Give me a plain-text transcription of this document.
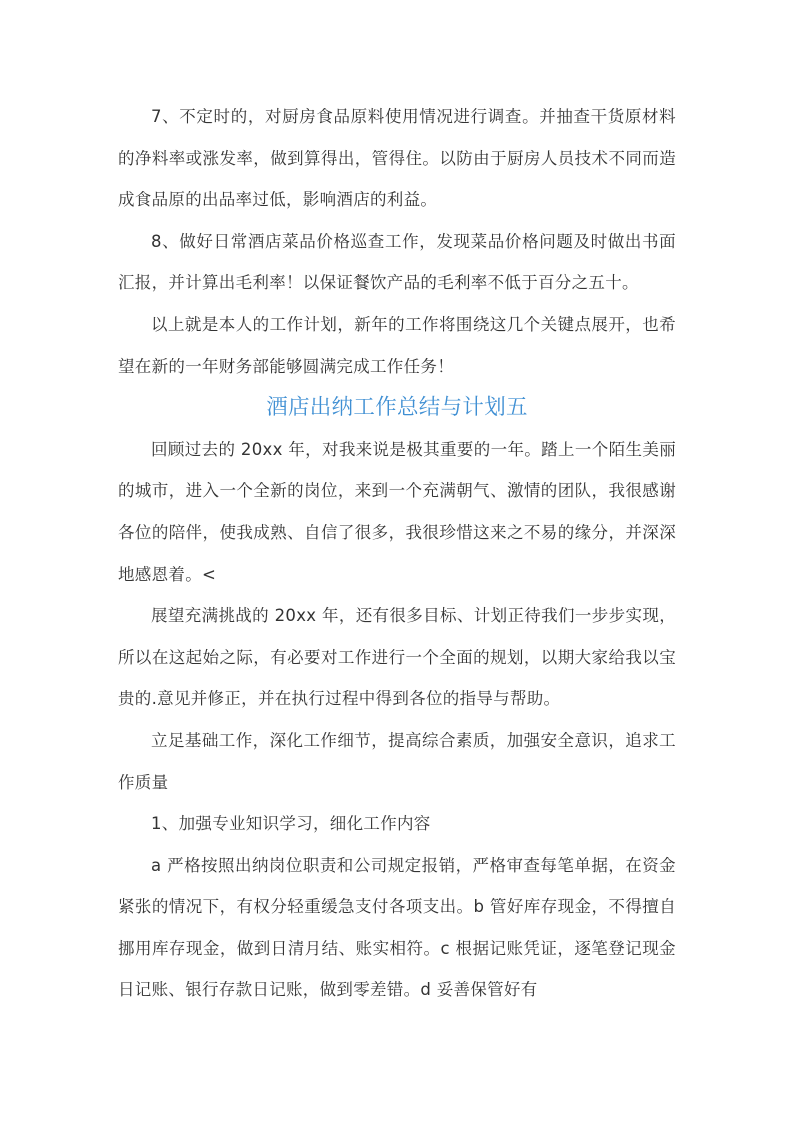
7、不定时的，对厨房食品原料使用情况进行调查。并抽查干货原材料的净料率或涨发率，做到算得出，管得住。以防由于厨房人员技术不同而造成食品原的出品率过低，影响酒店的利益。

8、做好日常酒店菜品价格巡查工作，发现菜品价格问题及时做出书面汇报，并计算出毛利率！以保证餐饮产品的毛利率不低于百分之五十。

以上就是本人的工作计划，新年的工作将围绕这几个关键点展开，也希望在新的一年财务部能够圆满完成工作任务！

酒店出纳工作总结与计划五

回顾过去的 20xx 年，对我来说是极其重要的一年。踏上一个陌生美丽的城市，进入一个全新的岗位，来到一个充满朝气、激情的团队，我很感谢各位的陪伴，使我成熟、自信了很多，我很珍惜这来之不易的缘分，并深深地感恩着。<

展望充满挑战的 20xx 年，还有很多目标、计划正待我们一步步实现，所以在这起始之际，有必要对工作进行一个全面的规划，以期大家给我以宝贵的.意见并修正，并在执行过程中得到各位的指导与帮助。

立足基础工作，深化工作细节，提高综合素质，加强安全意识，追求工作质量

1、加强专业知识学习，细化工作内容

a 严格按照出纳岗位职责和公司规定报销，严格审查每笔单据，在资金紧张的情况下，有权分轻重缓急支付各项支出。b 管好库存现金，不得擅自挪用库存现金，做到日清月结、账实相符。c 根据记账凭证，逐笔登记现金日记账、银行存款日记账，做到零差错。d 妥善保管好有
